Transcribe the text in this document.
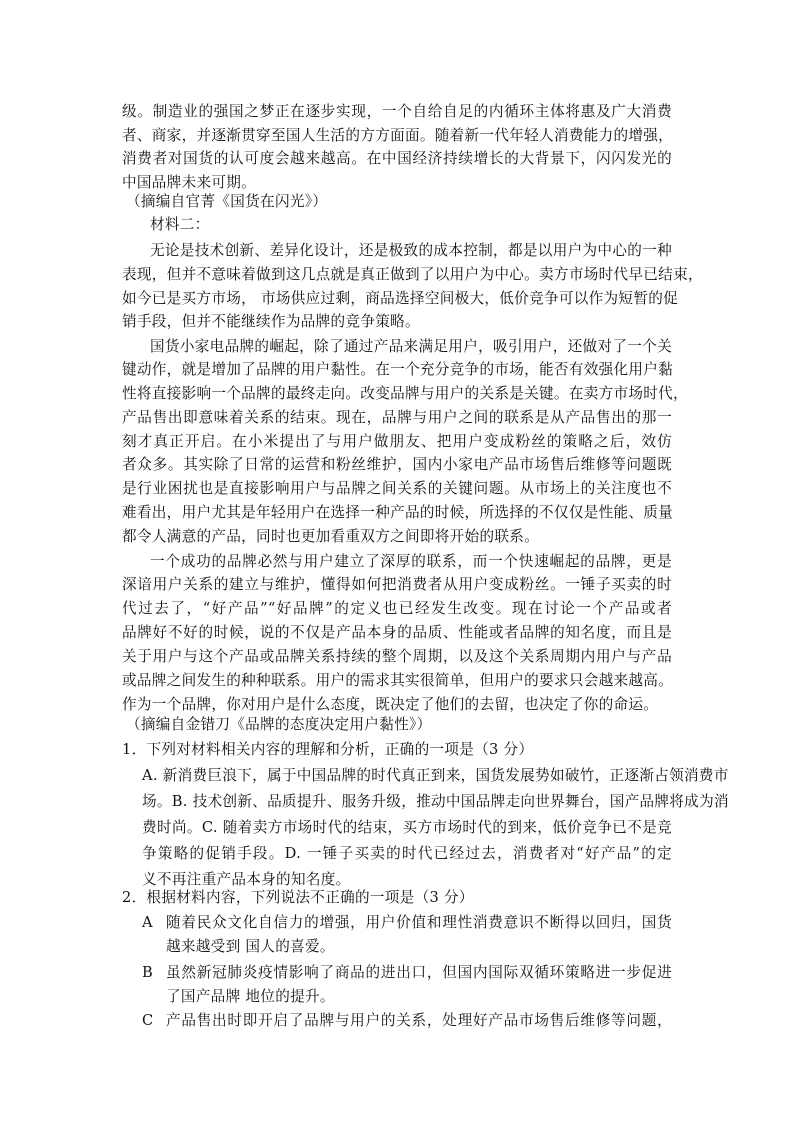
级。制造业的强国之梦正在逐步实现，一个自给自足的内循环主体将惠及广大消费
者、商家，并逐渐贯穿至国人生活的方方面面。随着新一代年轻人消费能力的增强，
消费者对国货的认可度会越来越高。在中国经济持续增长的大背景下，闪闪发光的
中国品牌未来可期。
（摘编自官菁《国货在闪光》）
材料二：
无论是技术创新、差异化设计，还是极致的成本控制，都是以用户为中心的一种
表现，但并不意味着做到这几点就是真正做到了以用户为中心。卖方市场时代早已结束，
如今已是买方市场， 市场供应过剩，商品选择空间极大，低价竞争可以作为短暂的促
销手段，但并不能继续作为品牌的竞争策略。
国货小家电品牌的崛起，除了通过产品来满足用户，吸引用户，还做对了一个关
键动作，就是增加了品牌的用户黏性。在一个充分竞争的市场，能否有效强化用户黏
性将直接影响一个品牌的最终走向。改变品牌与用户的关系是关键。在卖方市场时代，
产品售出即意味着关系的结束。现在，品牌与用户之间的联系是从产品售出的那一
刻才真正开启。在小米提出了与用户做朋友、把用户变成粉丝的策略之后，效仿
者众多。其实除了日常的运营和粉丝维护，国内小家电产品市场售后维修等问题既
是行业困扰也是直接影响用户与品牌之间关系的关键问题。从市场上的关注度也不
难看出，用户尤其是年轻用户在选择一种产品的时候，所选择的不仅仅是性能、质量
都令人满意的产品，同时也更加看重双方之间即将开始的联系。
一个成功的品牌必然与用户建立了深厚的联系，而一个快速崛起的品牌，更是
深谙用户关系的建立与维护，懂得如何把消费者从用户变成粉丝。一锤子买卖的时
代过去了，“好产品”“好品牌”的定义也已经发生改变。现在讨论一个产品或者
品牌好不好的时候，说的不仅是产品本身的品质、性能或者品牌的知名度，而且是
关于用户与这个产品或品牌关系持续的整个周期，以及这个关系周期内用户与产品
或品牌之间发生的种种联系。用户的需求其实很简单，但用户的要求只会越来越高。
作为一个品牌，你对用户是什么态度，既决定了他们的去留，也决定了你的命运。
（摘编自金错刀《品牌的态度决定用户黏性》）
1．下列对材料相关内容的理解和分析，正确的一项是（3 分）
A. 新消费巨浪下，属于中国品牌的时代真正到来，国货发展势如破竹，正逐渐占领消费市
场。B. 技术创新、品质提升、服务升级，推动中国品牌走向世界舞台，国产品牌将成为消
费时尚。C. 随着卖方市场时代的结束，买方市场时代的到来，低价竞争已不是竞
争策略的促销手段。D. 一锤子买卖的时代已经过去，消费者对“好产品”的定
义不再注重产品本身的知名度。
2．根据材料内容，下列说法不正确的一项是（3 分）
A 随着民众文化自信力的增强，用户价值和理性消费意识不断得以回归，国货
越来越受到 国人的喜爱。
B 虽然新冠肺炎疫情影响了商品的进出口，但国内国际双循环策略进一步促进
了国产品牌 地位的提升。
C 产品售出时即开启了品牌与用户的关系，处理好产品市场售后维修等问题，
